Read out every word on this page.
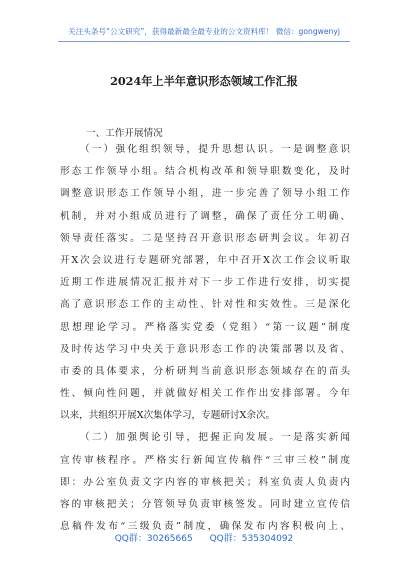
关注头条号“公文研究”，获得最新最全最专业的公文资料库！ 微信：gongwenyj
2024年上半年意识形态领域工作汇报
一、工作开展情况
（一）强化组织领导，提升思想认识。一是调整意识
形态工作领导小组。结合机构改革和领导职数变化，及时
调整意识形态工作领导小组，进一步完善了领导小组工作
机制，并对小组成员进行了调整，确保了责任分工明确、
领导责任落实。二是坚持召开意识形态研判会议。年初召
开X次会议进行专题研究部署，年中召开X次工作会议听取
近期工作进展情况汇报并对下一步工作进行安排，切实提
高了意识形态工作的主动性、针对性和实效性。三是深化
思想理论学习。严格落实党委（党组）“第一议题”制度
及时传达学习中央关于意识形态工作的决策部署以及省、
市委的具体要求，分析研判当前意识形态领域存在的苗头
性、倾向性问题，并就做好相关工作作出安排部署。今年
以来，共组织开展X次集体学习，专题研讨X余次。
（二）加强舆论引导，把握正向发展。一是落实新闻
宣传审核程序。严格实行新闻宣传稿件“三审三校”制度
即：办公室负责文字内容的审核把关；科室负责人负责内
容的审核把关；分管领导负责审核签发。同时建立宣传信
息稿件发布“三级负责”制度，确保发布内容积极向上、
QQ群：30265665 QQ群：535304092
